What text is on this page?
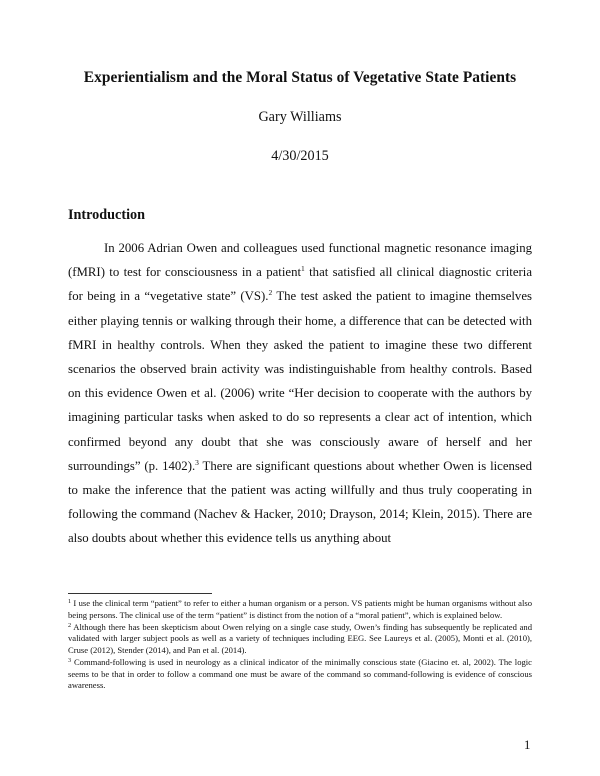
Experientialism and the Moral Status of Vegetative State Patients
Gary Williams
4/30/2015
Introduction
In 2006 Adrian Owen and colleagues used functional magnetic resonance imaging (fMRI) to test for consciousness in a patient$^1$ that satisfied all clinical diagnostic criteria for being in a “vegetative state” (VS).$^2$ The test asked the patient to imagine themselves either playing tennis or walking through their home, a difference that can be detected with fMRI in healthy controls. When they asked the patient to imagine these two different scenarios the observed brain activity was indistinguishable from healthy controls. Based on this evidence Owen et al. (2006) write “Her decision to cooperate with the authors by imagining particular tasks when asked to do so represents a clear act of intention, which confirmed beyond any doubt that she was consciously aware of herself and her surroundings” (p. 1402).$^3$ There are significant questions about whether Owen is licensed to make the inference that the patient was acting willfully and thus truly cooperating in following the command (Nachev & Hacker, 2010; Drayson, 2014; Klein, 2015). There are also doubts about whether this evidence tells us anything about
$^1$ I use the clinical term “patient” to refer to either a human organism or a person. VS patients might be human organisms without also being persons. The clinical use of the term “patient” is distinct from the notion of a “moral patient”, which is explained below.
$^2$ Although there has been skepticism about Owen relying on a single case study, Owen’s finding has subsequently be replicated and validated with larger subject pools as well as a variety of techniques including EEG. See Laureys et al. (2005), Monti et al. (2010), Cruse (2012), Stender (2014), and Pan et al. (2014).
$^3$ Command-following is used in neurology as a clinical indicator of the minimally conscious state (Giacino et. al, 2002). The logic seems to be that in order to follow a command one must be aware of the command so command-following is evidence of conscious awareness.
1
